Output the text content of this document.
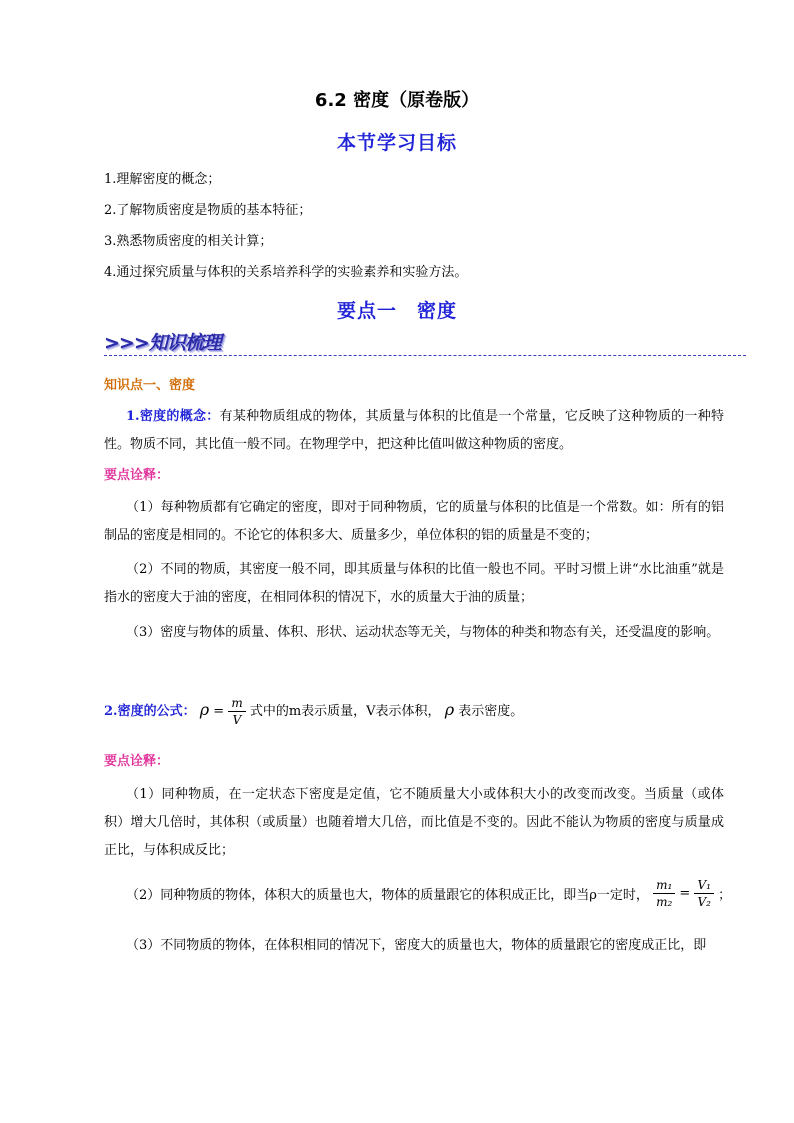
6.2 密度（原卷版）
本节学习目标
1.理解密度的概念；
2.了解物质密度是物质的基本特征；
3.熟悉物质密度的相关计算；
4.通过探究质量与体积的关系培养科学的实验素养和实验方法。
要点一　密度
>>>知识梳理
知识点一、密度
1.密度的概念：有某种物质组成的物体，其质量与体积的比值是一个常量，它反映了这种物质的一种特性。物质不同，其比值一般不同。在物理学中，把这种比值叫做这种物质的密度。
要点诠释：
（1）每种物质都有它确定的密度，即对于同种物质，它的质量与体积的比值是一个常数。如：所有的铝制品的密度是相同的。不论它的体积多大、质量多少，单位体积的铝的质量是不变的；
（2）不同的物质，其密度一般不同，即其质量与体积的比值一般也不同。平时习惯上讲“水比油重”就是指水的密度大于油的密度，在相同体积的情况下，水的质量大于油的质量；
（3）密度与物体的质量、体积、形状、运动状态等无关，与物体的种类和物态有关，还受温度的影响。
2.密度的公式： $\rho = \frac{m}{V}$ 式中的m表示质量，V表示体积， ρ 表示密度。
要点诠释：
（1）同种物质，在一定状态下密度是定值，它不随质量大小或体积大小的改变而改变。当质量（或体积）增大几倍时，其体积（或质量）也随着增大几倍，而比值是不变的。因此不能认为物质的密度与质量成正比，与体积成反比；
（2）同种物质的物体，体积大的质量也大，物体的质量跟它的体积成正比，即当ρ一定时， $\frac{\text{m₁}}{\text{m₂}} = \frac{\text{V₁}}{\text{V₂}}$ ；
（3）不同物质的物体，在体积相同的情况下，密度大的质量也大，物体的质量跟它的密度成正比，即
